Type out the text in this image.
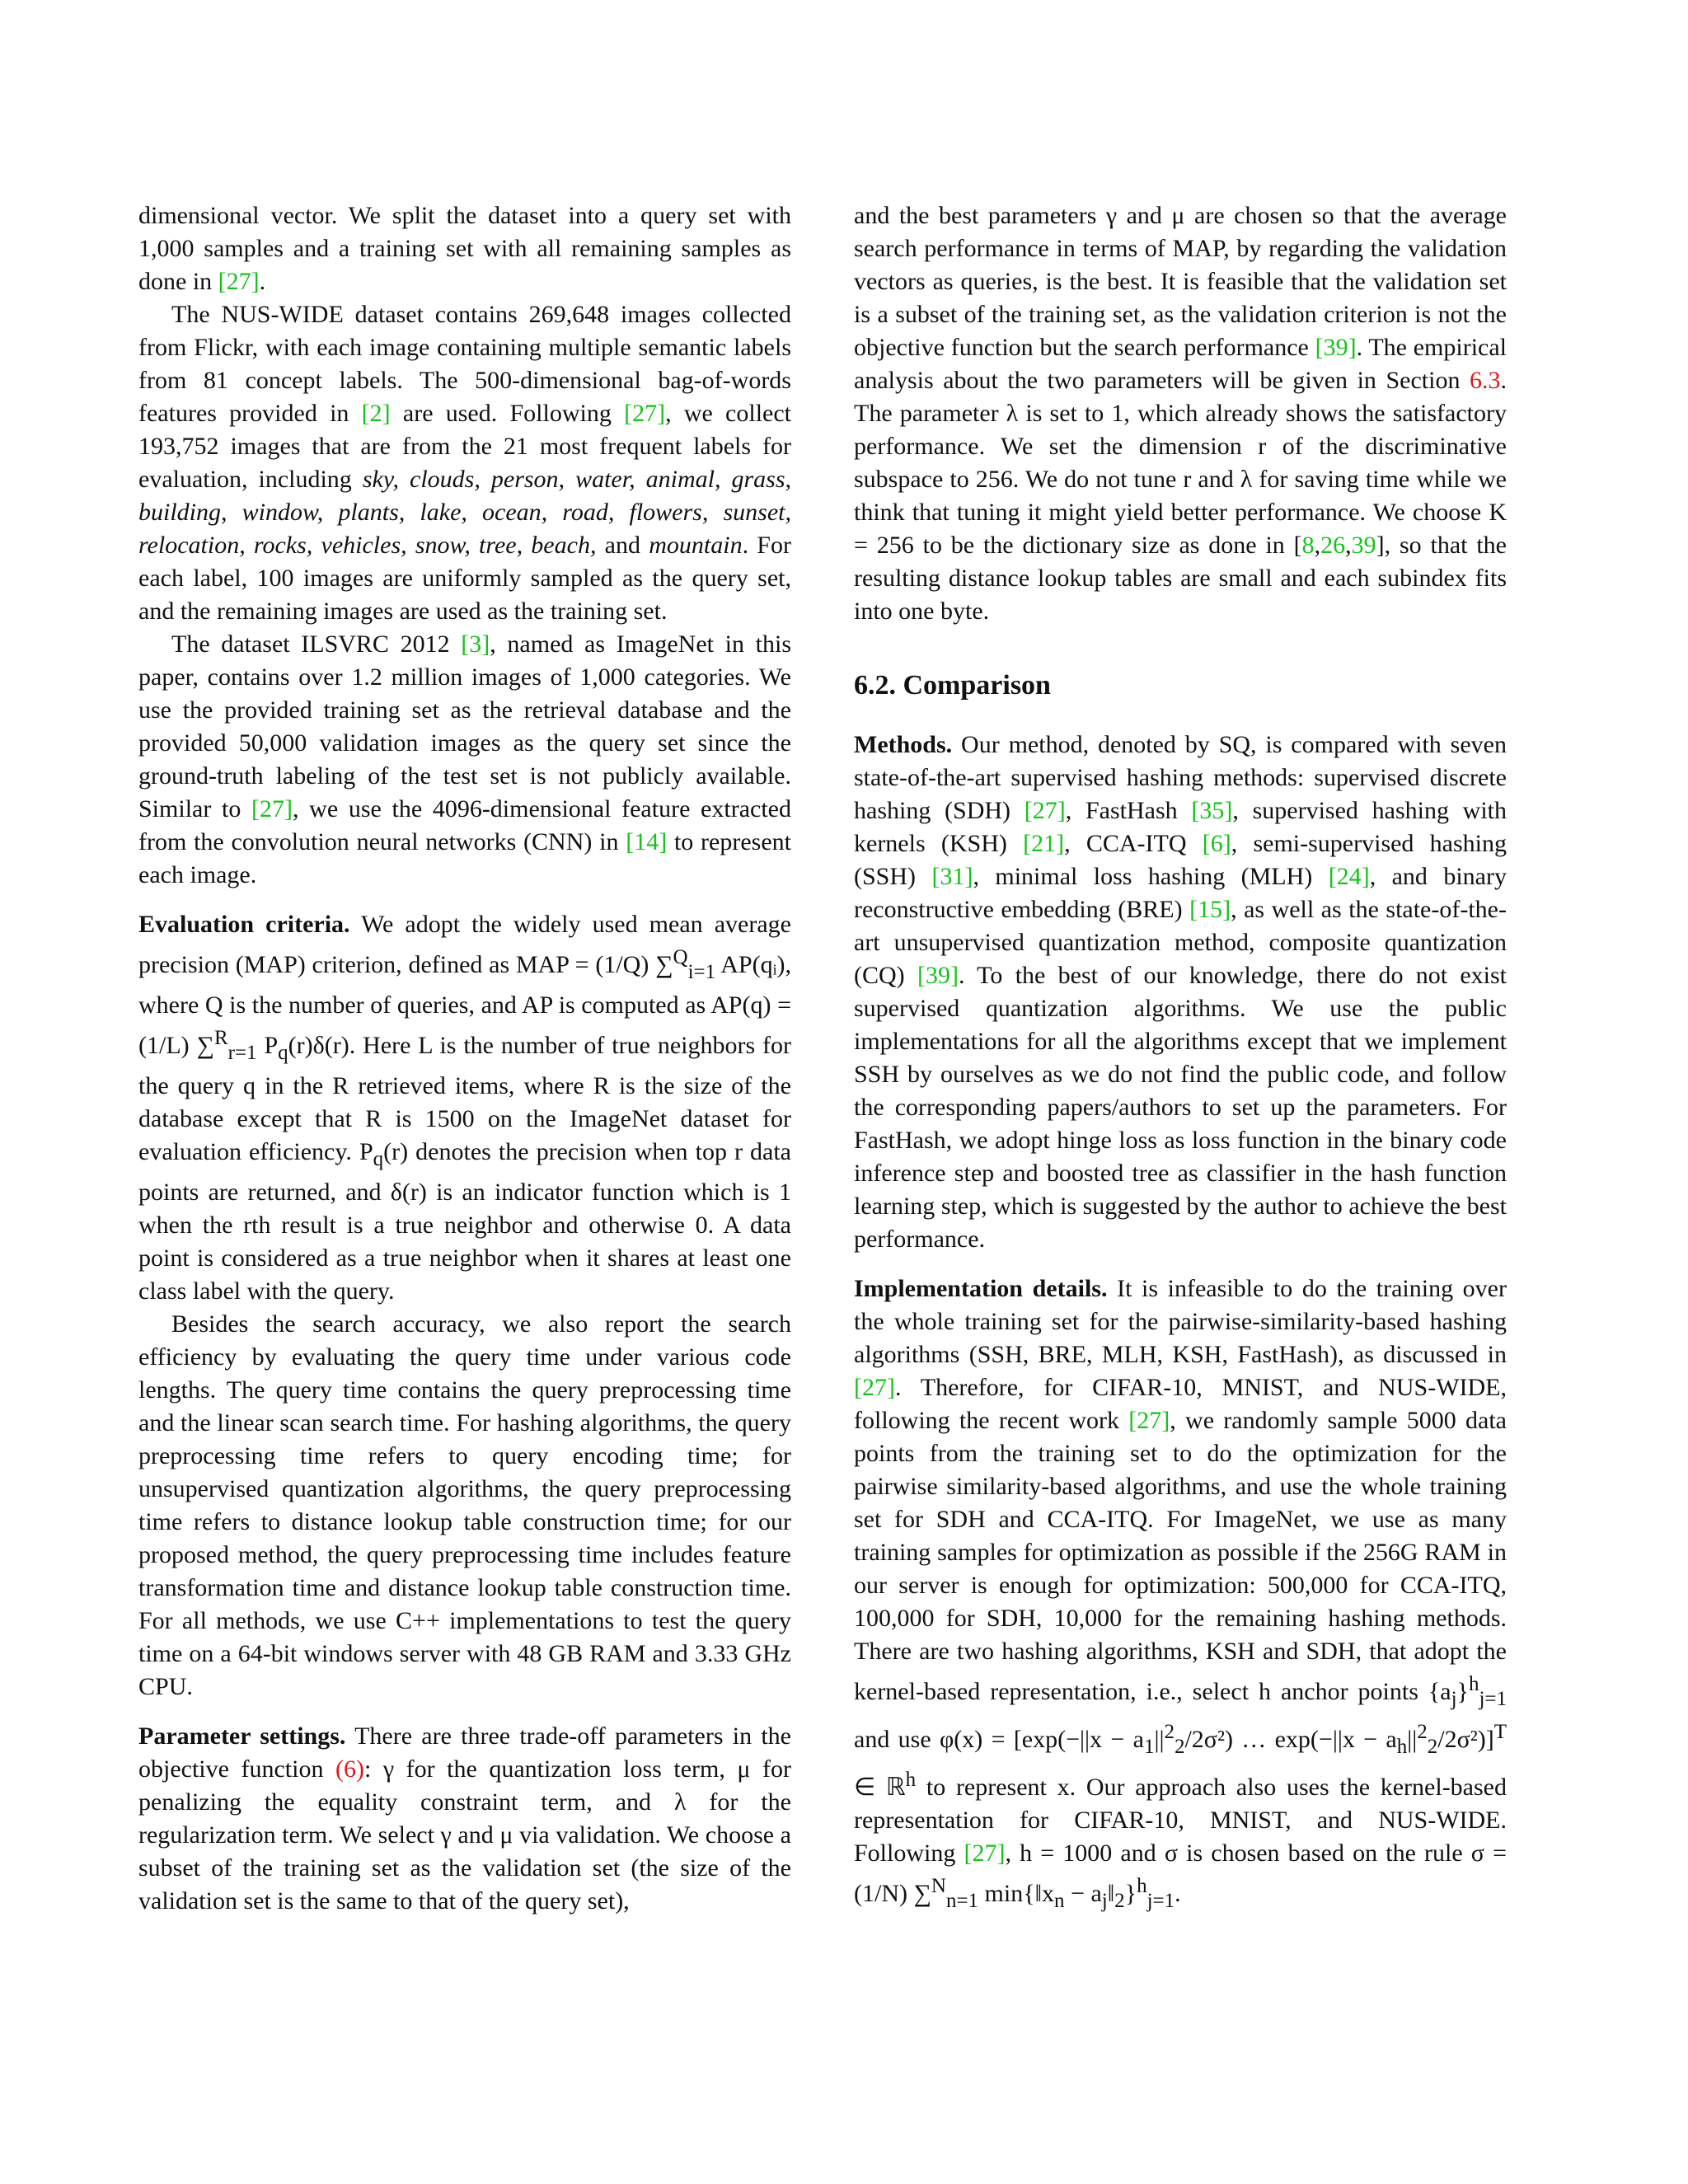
dimensional vector. We split the dataset into a query set with 1,000 samples and a training set with all remaining samples as done in [27].

The NUS-WIDE dataset contains 269,648 images collected from Flickr, with each image containing multiple semantic labels from 81 concept labels. The 500-dimensional bag-of-words features provided in [2] are used. Following [27], we collect 193,752 images that are from the 21 most frequent labels for evaluation, including sky, clouds, person, water, animal, grass, building, window, plants, lake, ocean, road, flowers, sunset, relocation, rocks, vehicles, snow, tree, beach, and mountain. For each label, 100 images are uniformly sampled as the query set, and the remaining images are used as the training set.

The dataset ILSVRC 2012 [3], named as ImageNet in this paper, contains over 1.2 million images of 1,000 categories. We use the provided training set as the retrieval database and the provided 50,000 validation images as the query set since the ground-truth labeling of the test set is not publicly available. Similar to [27], we use the 4096-dimensional feature extracted from the convolution neural networks (CNN) in [14] to represent each image.

Evaluation criteria. We adopt the widely used mean average precision (MAP) criterion, defined as MAP = (1/Q) ∑$^Q_{i=1}$ AP(qᵢ), where Q is the number of queries, and AP is computed as AP(q) = (1/L) ∑$^R_{r=1}$ $P_q(r)\delta(r)$. Here L is the number of true neighbors for the query q in the R retrieved items, where R is the size of the database except that R is 1500 on the ImageNet dataset for evaluation efficiency. $P_q(r)$ denotes the precision when top r data points are returned, and δ(r) is an indicator function which is 1 when the rth result is a true neighbor and otherwise 0. A data point is considered as a true neighbor when it shares at least one class label with the query.

Besides the search accuracy, we also report the search efficiency by evaluating the query time under various code lengths. The query time contains the query preprocessing time and the linear scan search time. For hashing algorithms, the query preprocessing time refers to query encoding time; for unsupervised quantization algorithms, the query preprocessing time refers to distance lookup table construction time; for our proposed method, the query preprocessing time includes feature transformation time and distance lookup table construction time. For all methods, we use C++ implementations to test the query time on a 64-bit windows server with 48 GB RAM and 3.33 GHz CPU.

Parameter settings. There are three trade-off parameters in the objective function (6): γ for the quantization loss term, μ for penalizing the equality constraint term, and λ for the regularization term. We select γ and μ via validation. We choose a subset of the training set as the validation set (the size of the validation set is the same to that of the query set),

and the best parameters γ and μ are chosen so that the average search performance in terms of MAP, by regarding the validation vectors as queries, is the best. It is feasible that the validation set is a subset of the training set, as the validation criterion is not the objective function but the search performance [39]. The empirical analysis about the two parameters will be given in Section 6.3. The parameter λ is set to 1, which already shows the satisfactory performance. We set the dimension r of the discriminative subspace to 256. We do not tune r and λ for saving time while we think that tuning it might yield better performance. We choose K = 256 to be the dictionary size as done in [8,26,39], so that the resulting distance lookup tables are small and each subindex fits into one byte.

6.2. Comparison

Methods. Our method, denoted by SQ, is compared with seven state-of-the-art supervised hashing methods: supervised discrete hashing (SDH) [27], FastHash [35], supervised hashing with kernels (KSH) [21], CCA-ITQ [6], semi-supervised hashing (SSH) [31], minimal loss hashing (MLH) [24], and binary reconstructive embedding (BRE) [15], as well as the state-of-the-art unsupervised quantization method, composite quantization (CQ) [39]. To the best of our knowledge, there do not exist supervised quantization algorithms. We use the public implementations for all the algorithms except that we implement SSH by ourselves as we do not find the public code, and follow the corresponding papers/authors to set up the parameters. For FastHash, we adopt hinge loss as loss function in the binary code inference step and boosted tree as classifier in the hash function learning step, which is suggested by the author to achieve the best performance.

Implementation details. It is infeasible to do the training over the whole training set for the pairwise-similarity-based hashing algorithms (SSH, BRE, MLH, KSH, FastHash), as discussed in [27]. Therefore, for CIFAR-10, MNIST, and NUS-WIDE, following the recent work [27], we randomly sample 5000 data points from the training set to do the optimization for the pairwise similarity-based algorithms, and use the whole training set for SDH and CCA-ITQ. For ImageNet, we use as many training samples for optimization as possible if the 256G RAM in our server is enough for optimization: 500,000 for CCA-ITQ, 100,000 for SDH, 10,000 for the remaining hashing methods. There are two hashing algorithms, KSH and SDH, that adopt the kernel-based representation, i.e., select h anchor points $\{a_j\}^h_{j=1}$ and use $\varphi(x) = [\exp(-||x - a_1||^2_2/2\sigma^2)$ … $\exp(-||x - a_h||^2_2/2\sigma^2)]^T$ ∈ ℝ$^h$ to represent x. Our approach also uses the kernel-based representation for CIFAR-10, MNIST, and NUS-WIDE. Following [27], h = 1000 and σ is chosen based on the rule σ = (1/N) ∑$^N_{n=1}$ $\min\{‖x_n$ − $a_j‖_2\}^h_{j=1}$.
